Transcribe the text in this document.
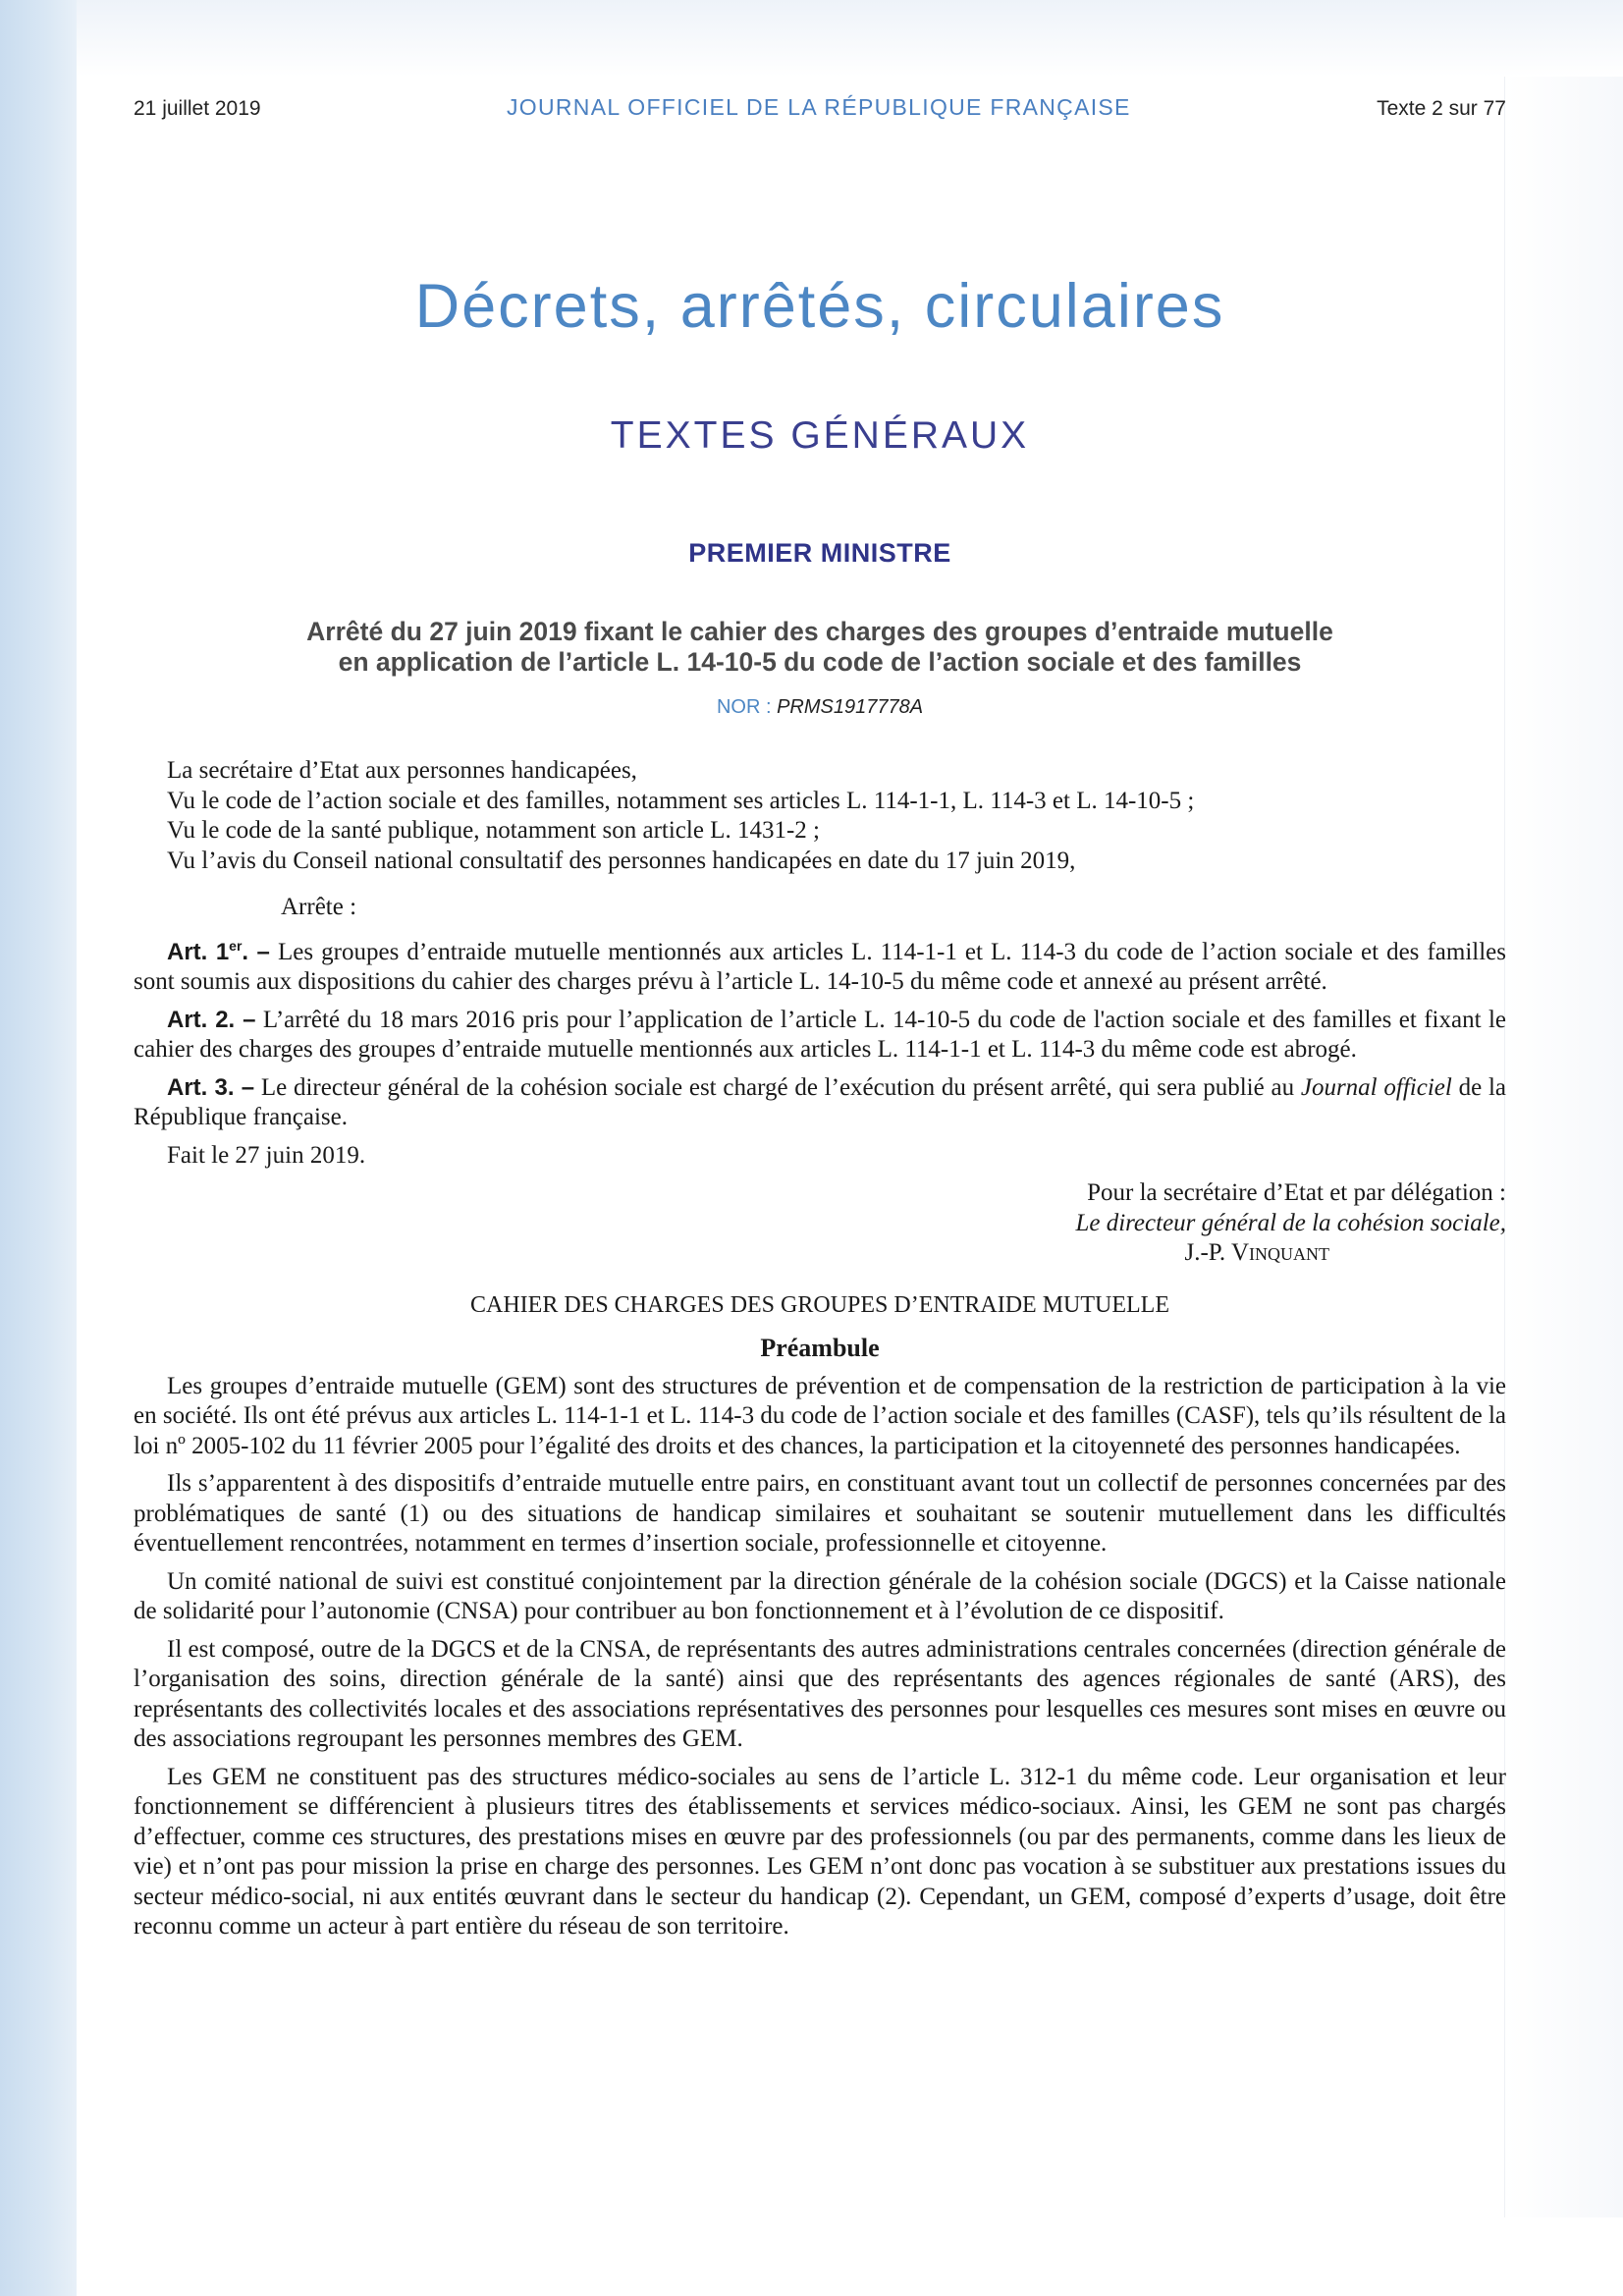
21 juillet 2019	JOURNAL OFFICIEL DE LA RÉPUBLIQUE FRANÇAISE	Texte 2 sur 77
Décrets, arrêtés, circulaires
TEXTES GÉNÉRAUX
PREMIER MINISTRE
Arrêté du 27 juin 2019 fixant le cahier des charges des groupes d’entraide mutuelle
en application de l’article L. 14-10-5 du code de l’action sociale et des familles
NOR : PRMS1917778A

La secrétaire d’Etat aux personnes handicapées,

Vu le code de l’action sociale et des familles, notamment ses articles L. 114-1-1, L. 114-3 et L. 14-10-5 ;

Vu le code de la santé publique, notamment son article L. 1431-2 ;

Vu l’avis du Conseil national consultatif des personnes handicapées en date du 17 juin 2019,

Arrête :

Art. 1er. – Les groupes d’entraide mutuelle mentionnés aux articles L. 114-1-1 et L. 114-3 du code de l’action sociale et des familles sont soumis aux dispositions du cahier des charges prévu à l’article L. 14-10-5 du même code et annexé au présent arrêté.

Art. 2. – L’arrêté du 18 mars 2016 pris pour l’application de l’article L. 14-10-5 du code de l'action sociale et des familles et fixant le cahier des charges des groupes d’entraide mutuelle mentionnés aux articles L. 114-1-1 et L. 114-3 du même code est abrogé.

Art. 3. – Le directeur général de la cohésion sociale est chargé de l’exécution du présent arrêté, qui sera publié au Journal officiel de la République française.

Fait le 27 juin 2019.

Pour la secrétaire d’Etat et par délégation :
Le directeur général de la cohésion sociale,
J.-P. Vinquant
CAHIER DES CHARGES DES GROUPES D’ENTRAIDE MUTUELLE
Préambule

Les groupes d’entraide mutuelle (GEM) sont des structures de prévention et de compensation de la restriction de participation à la vie en société. Ils ont été prévus aux articles L. 114-1-1 et L. 114-3 du code de l’action sociale et des familles (CASF), tels qu’ils résultent de la loi nº 2005-102 du 11 février 2005 pour l’égalité des droits et des chances, la participation et la citoyenneté des personnes handicapées.

Ils s’apparentent à des dispositifs d’entraide mutuelle entre pairs, en constituant avant tout un collectif de personnes concernées par des problématiques de santé (1) ou des situations de handicap similaires et souhaitant se soutenir mutuellement dans les difficultés éventuellement rencontrées, notamment en termes d’insertion sociale, professionnelle et citoyenne.

Un comité national de suivi est constitué conjointement par la direction générale de la cohésion sociale (DGCS) et la Caisse nationale de solidarité pour l’autonomie (CNSA) pour contribuer au bon fonctionnement et à l’évolution de ce dispositif.

Il est composé, outre de la DGCS et de la CNSA, de représentants des autres administrations centrales concernées (direction générale de l’organisation des soins, direction générale de la santé) ainsi que des représentants des agences régionales de santé (ARS), des représentants des collectivités locales et des associations représentatives des personnes pour lesquelles ces mesures sont mises en œuvre ou des associations regroupant les personnes membres des GEM.

Les GEM ne constituent pas des structures médico-sociales au sens de l’article L. 312-1 du même code. Leur organisation et leur fonctionnement se différencient à plusieurs titres des établissements et services médico-sociaux. Ainsi, les GEM ne sont pas chargés d’effectuer, comme ces structures, des prestations mises en œuvre par des professionnels (ou par des permanents, comme dans les lieux de vie) et n’ont pas pour mission la prise en charge des personnes. Les GEM n’ont donc pas vocation à se substituer aux prestations issues du secteur médico-social, ni aux entités œuvrant dans le secteur du handicap (2). Cependant, un GEM, composé d’experts d’usage, doit être reconnu comme un acteur à part entière du réseau de son territoire.
